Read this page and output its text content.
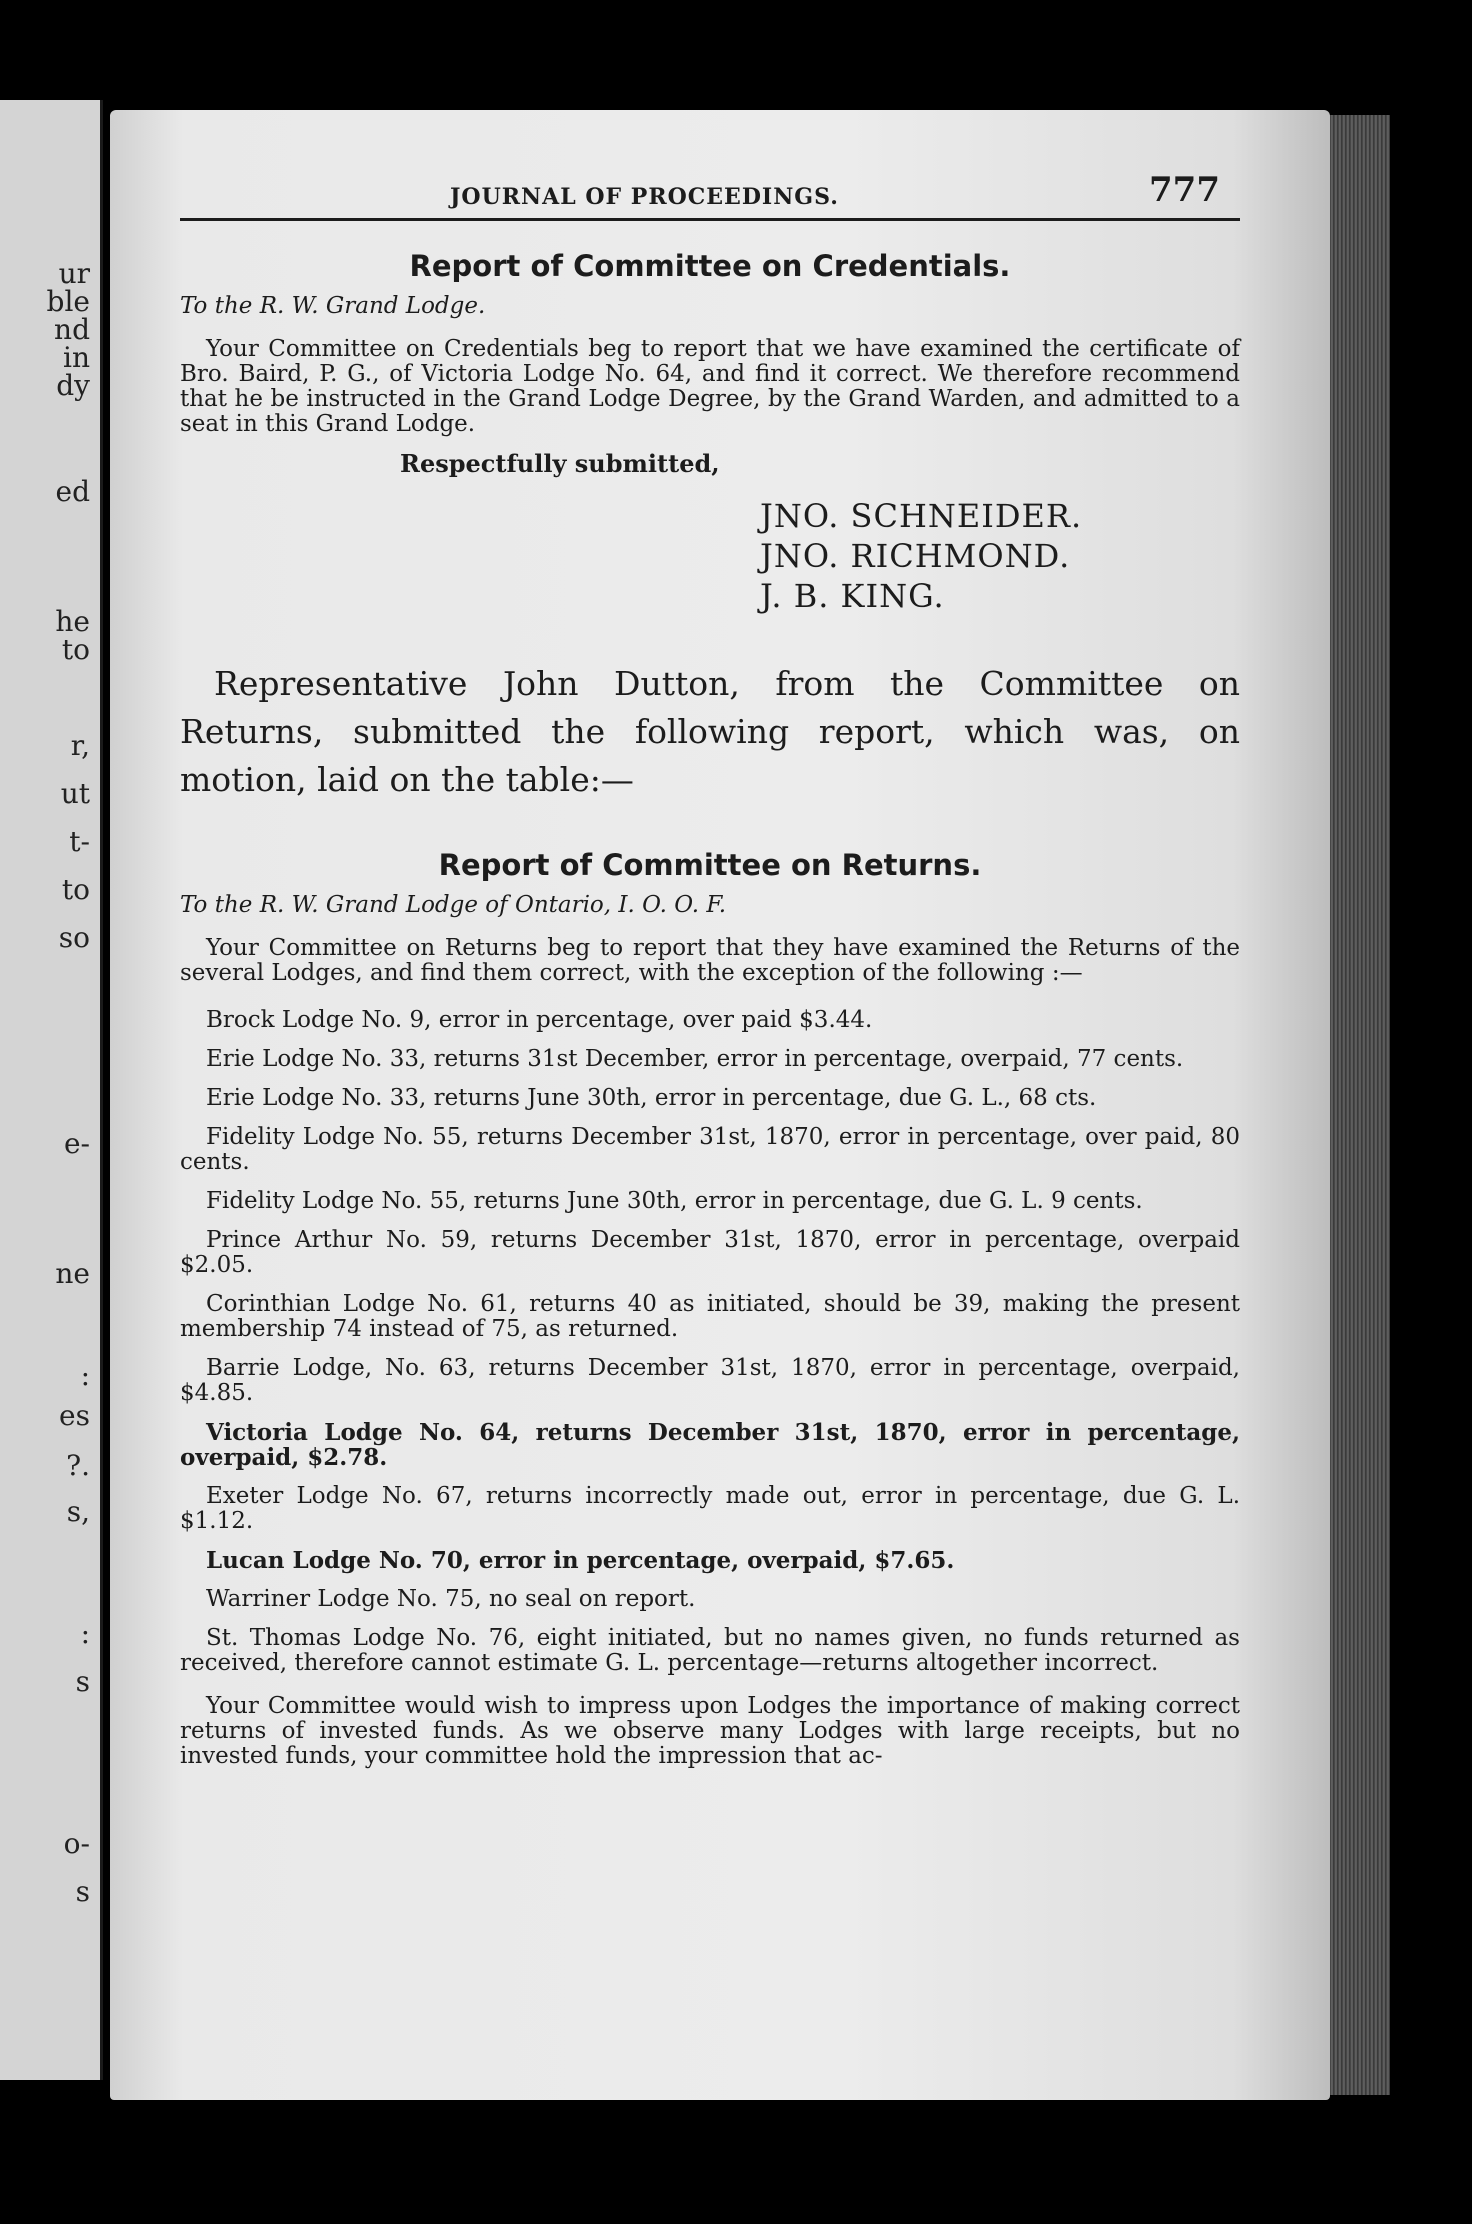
ur
ble
nd
in
dy
ed
he
to
r,
ut
t-
to
so
e-
ne
:
es
?.
s,
:
s
o-
s
JOURNAL OF PROCEEDINGS.	777
Report of Committee on Credentials.
To the R. W. Grand Lodge.

Your Committee on Credentials beg to report that we have examined the certificate of Bro. Baird, P. G., of Victoria Lodge No. 64, and find it correct. We therefore recommend that he be instructed in the Grand Lodge Degree, by the Grand Warden, and admitted to a seat in this Grand Lodge.

Respectfully submitted,
JNO. SCHNEIDER.
JNO. RICHMOND.
J. B. KING.

Representative John Dutton, from the Committee on Returns, submitted the following report, which was, on motion, laid on the table:—

Report of Committee on Returns.
To the R. W. Grand Lodge of Ontario, I. O. O. F.

Your Committee on Returns beg to report that they have examined the Returns of the several Lodges, and find them correct, with the exception of the following :—

Brock Lodge No. 9, error in percentage, over paid $3.44.

Erie Lodge No. 33, returns 31st December, error in percentage, overpaid, 77 cents.

Erie Lodge No. 33, returns June 30th, error in percentage, due G. L., 68 cts.

Fidelity Lodge No. 55, returns December 31st, 1870, error in percentage, over paid, 80 cents.

Fidelity Lodge No. 55, returns June 30th, error in percentage, due G. L. 9 cents.

Prince Arthur No. 59, returns December 31st, 1870, error in percentage, overpaid $2.05.

Corinthian Lodge No. 61, returns 40 as initiated, should be 39, making the present membership 74 instead of 75, as returned.

Barrie Lodge, No. 63, returns December 31st, 1870, error in percentage, overpaid, $4.85.

Victoria Lodge No. 64, returns December 31st, 1870, error in percentage, overpaid, $2.78.

Exeter Lodge No. 67, returns incorrectly made out, error in percentage, due G. L. $1.12.

Lucan Lodge No. 70, error in percentage, overpaid, $7.65.

Warriner Lodge No. 75, no seal on report.

St. Thomas Lodge No. 76, eight initiated, but no names given, no funds returned as received, therefore cannot estimate G. L. percentage—returns altogether incorrect.

Your Committee would wish to impress upon Lodges the importance of making correct returns of invested funds. As we observe many Lodges with large receipts, but no invested funds, your committee hold the impression that ac-
